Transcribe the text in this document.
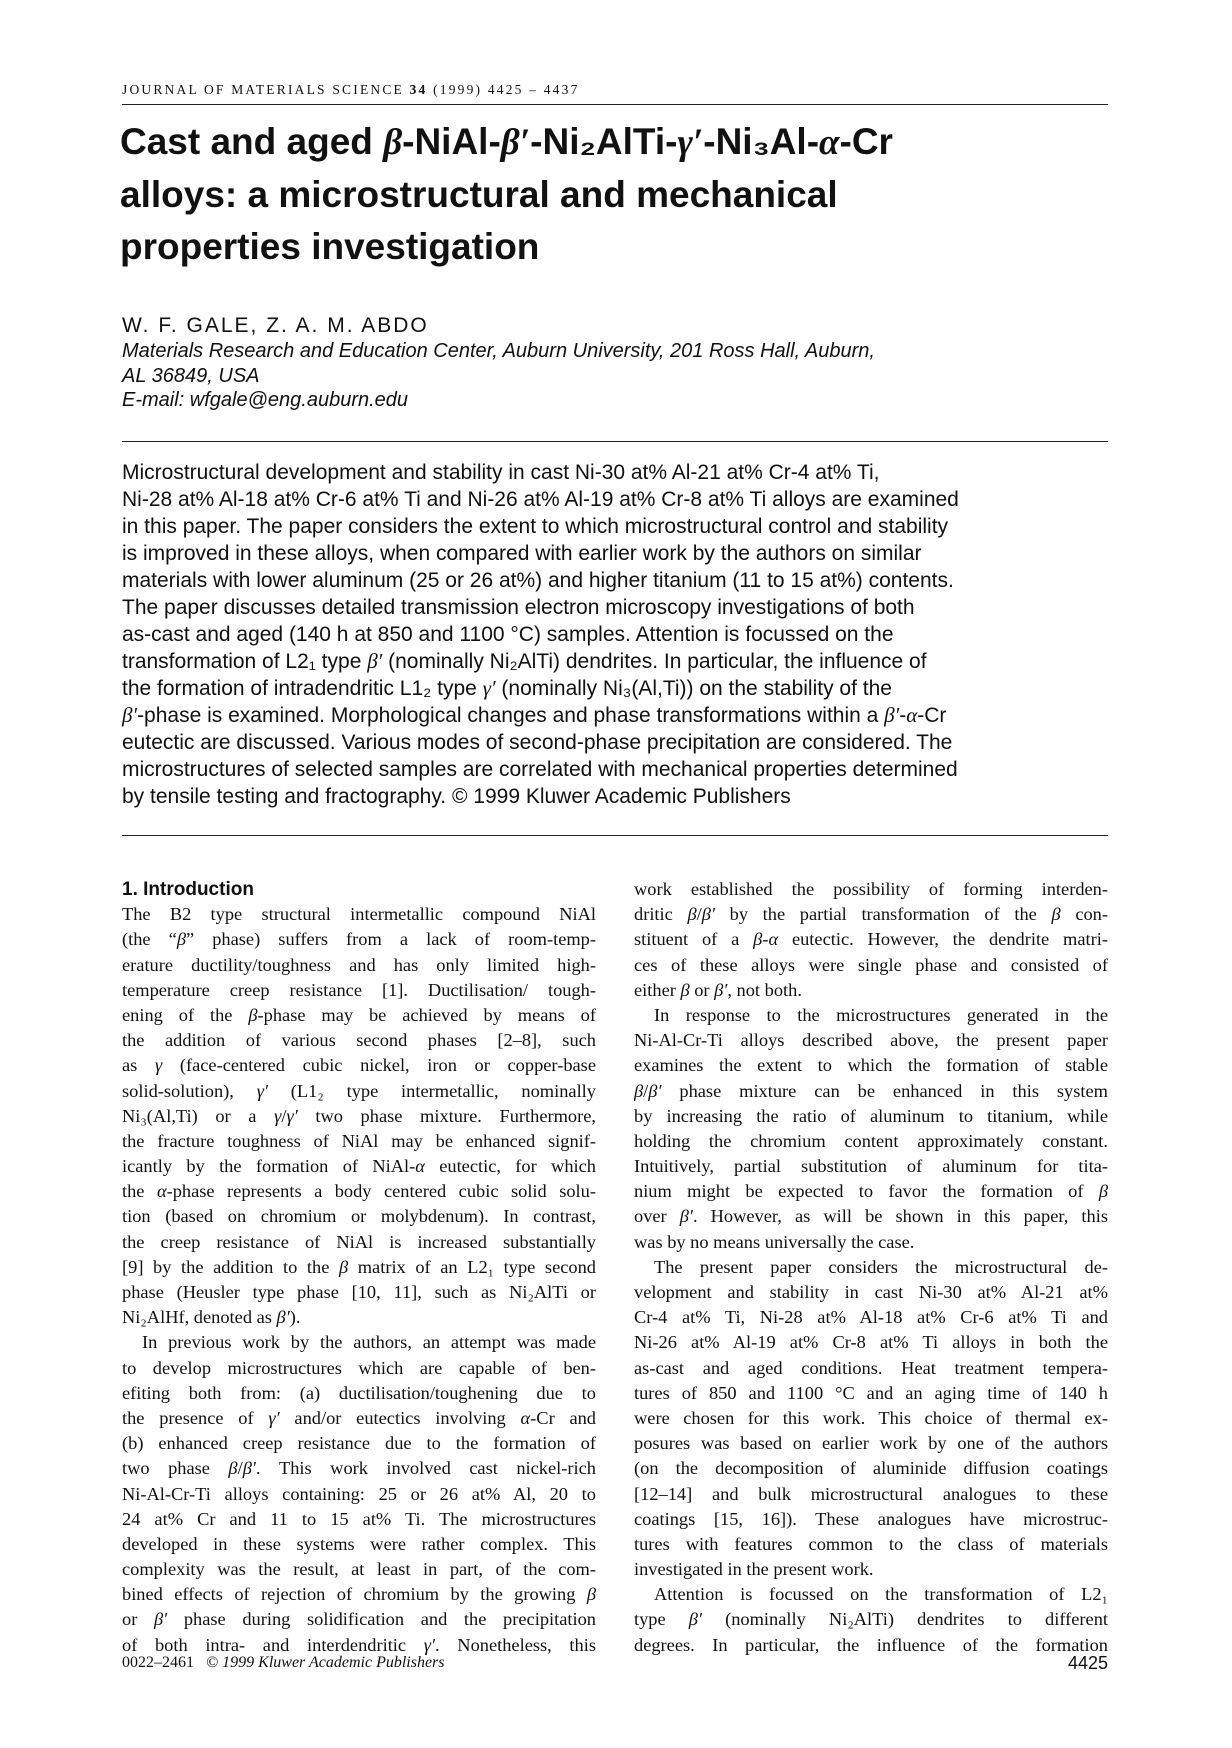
JOURNAL OF MATERIALS SCIENCE 34 (1999) 4425 – 4437
Cast and aged β-NiAl-β′-Ni₂AlTi-γ′-Ni₃Al-α-Cr
alloys: a microstructural and mechanical
properties investigation
W. F. GALE, Z. A. M. ABDO
Materials Research and Education Center, Auburn University, 201 Ross Hall, Auburn,
AL 36849, USA
E-mail: wfgale@eng.auburn.edu
Microstructural development and stability in cast Ni-30 at% Al-21 at% Cr-4 at% Ti,
Ni-28 at% Al-18 at% Cr-6 at% Ti and Ni-26 at% Al-19 at% Cr-8 at% Ti alloys are examined
in this paper. The paper considers the extent to which microstructural control and stability
is improved in these alloys, when compared with earlier work by the authors on similar
materials with lower aluminum (25 or 26 at%) and higher titanium (11 to 15 at%) contents.
The paper discusses detailed transmission electron microscopy investigations of both
as-cast and aged (140 h at 850 and 1100 °C) samples. Attention is focussed on the
transformation of L2₁ type β′ (nominally Ni₂AlTi) dendrites. In particular, the influence of
the formation of intradendritic L1₂ type γ′ (nominally Ni₃(Al,Ti)) on the stability of the
β′-phase is examined. Morphological changes and phase transformations within a β′-α-Cr
eutectic are discussed. Various modes of second-phase precipitation are considered. The
microstructures of selected samples are correlated with mechanical properties determined
by tensile testing and fractography. © 1999 Kluwer Academic Publishers
1. Introduction
The B2 type structural intermetallic compound NiAl
(the “β” phase) suffers from a lack of room-temp-
erature ductility/toughness and has only limited high-
temperature creep resistance [1]. Ductilisation/ tough-
ening of the β-phase may be achieved by means of
the addition of various second phases [2–8], such
as γ (face-centered cubic nickel, iron or copper-base
solid-solution), γ′ (L1₂ type intermetallic, nominally
Ni₃(Al,Ti) or a γ/γ′ two phase mixture. Furthermore,
the fracture toughness of NiAl may be enhanced signif-
icantly by the formation of NiAl-α eutectic, for which
the α-phase represents a body centered cubic solid solu-
tion (based on chromium or molybdenum). In contrast,
the creep resistance of NiAl is increased substantially
[9] by the addition to the β matrix of an L2₁ type second
phase (Heusler type phase [10, 11], such as Ni₂AlTi or
Ni₂AlHf, denoted as β′).
In previous work by the authors, an attempt was made
to develop microstructures which are capable of ben-
efiting both from: (a) ductilisation/toughening due to
the presence of γ′ and/or eutectics involving α-Cr and
(b) enhanced creep resistance due to the formation of
two phase β/β′. This work involved cast nickel-rich
Ni-Al-Cr-Ti alloys containing: 25 or 26 at% Al, 20 to
24 at% Cr and 11 to 15 at% Ti. The microstructures
developed in these systems were rather complex. This
complexity was the result, at least in part, of the com-
bined effects of rejection of chromium by the growing β
or β′ phase during solidification and the precipitation
of both intra- and interdendritic γ′. Nonetheless, this
work established the possibility of forming interden-
dritic β/β′ by the partial transformation of the β con-
stituent of a β-α eutectic. However, the dendrite matri-
ces of these alloys were single phase and consisted of
either β or β′, not both.
In response to the microstructures generated in the
Ni-Al-Cr-Ti alloys described above, the present paper
examines the extent to which the formation of stable
β/β′ phase mixture can be enhanced in this system
by increasing the ratio of aluminum to titanium, while
holding the chromium content approximately constant.
Intuitively, partial substitution of aluminum for tita-
nium might be expected to favor the formation of β
over β′. However, as will be shown in this paper, this
was by no means universally the case.
The present paper considers the microstructural de-
velopment and stability in cast Ni-30 at% Al-21 at%
Cr-4 at% Ti, Ni-28 at% Al-18 at% Cr-6 at% Ti and
Ni-26 at% Al-19 at% Cr-8 at% Ti alloys in both the
as-cast and aged conditions. Heat treatment tempera-
tures of 850 and 1100 °C and an aging time of 140 h
were chosen for this work. This choice of thermal ex-
posures was based on earlier work by one of the authors
(on the decomposition of aluminide diffusion coatings
[12–14] and bulk microstructural analogues to these
coatings [15, 16]). These analogues have microstruc-
tures with features common to the class of materials
investigated in the present work.
Attention is focussed on the transformation of L2₁
type β′ (nominally Ni₂AlTi) dendrites to different
degrees. In particular, the influence of the formation
0022–2461 © 1999 Kluwer Academic Publishers	4425
